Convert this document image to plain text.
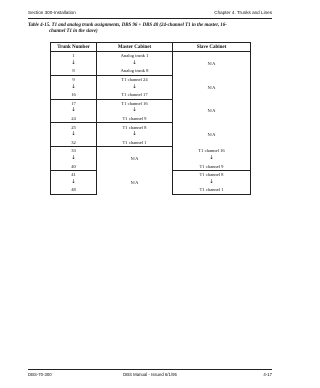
Section 300-Installation	Chapter 4. Trunks and Lines
Table 4-15. T1 and analog trunk assignments, DBS 96 + DBS 40 (24-channel T1 in the master, 16-
channel T1 in the slave)
Trunk Number	Master Cabinet	Slave Cabinet
1	Analog trunk 1	N/A
↓	↓	
8	Analog trunk 8	
9	T1 channel 24	N/A
↓	↓	
16	T1 channel 17	
17	T1 channel 16	N/A
↓	↓	
24	T1 channel 9	
25	T1 channel 8	N/A
↓	↓	
32	T1 channel 1	
33	N/A	T1 channel 16
↓		↓
40		T1 channel 9
41	N/A	T1 channel 8
↓		↓
48		T1 channel 1
DBS-70-300	DBS Manual - Issued 6/1/95	4-17
